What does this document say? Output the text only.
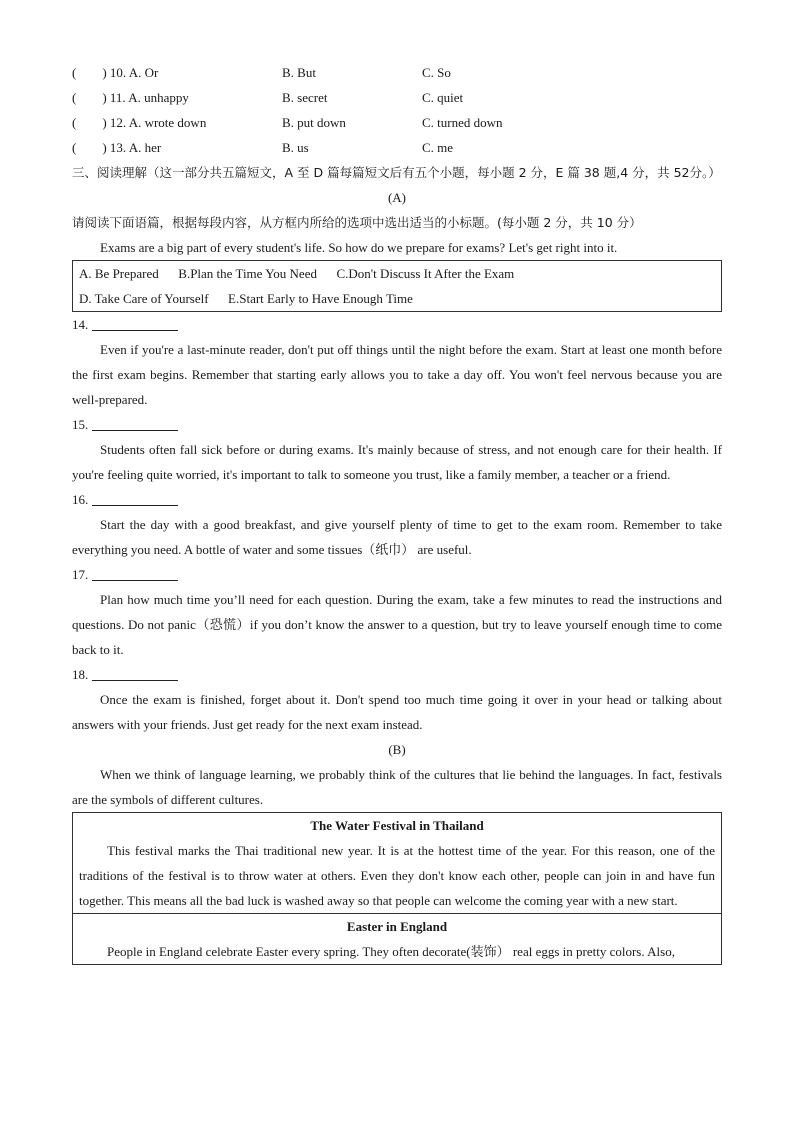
(　　) 10. A. Or	B. But	C. So
(　　) 11. A. unhappy	B. secret	C. quiet
(　　) 12. A. wrote down	B. put down	C. turned down
(　　) 13. A. her	B. us	C. me
三、阅读理解（这一部分共五篇短文，A 至 D 篇每篇短文后有五个小题，每小题 2 分，E 篇 38 题,4 分，共 52分。）
(A)
请阅读下面语篇，根据每段内容，从方框内所给的选项中选出适当的小标题。(每小题 2 分，共 10 分）
Exams are a big part of every student's life. So how do we prepare for exams? Let's get right into it.
A. Be Prepared      B.Plan the Time You Need      C.Don't Discuss It After the Exam
D. Take Care of Yourself      E.Start Early to Have Enough Time
14.
Even if you're a last-minute reader, don't put off things until the night before the exam. Start at least one month before the first exam begins. Remember that starting early allows you to take a day off. You won't feel nervous because you are well-prepared.
15.
Students often fall sick before or during exams. It's mainly because of stress, and not enough care for their health. If you're feeling quite worried, it's important to talk to someone you trust, like a family member, a teacher or a friend.
16.
Start the day with a good breakfast, and give yourself plenty of time to get to the exam room. Remember to take everything you need. A bottle of water and some tissues（纸巾） are useful.
17.
Plan how much time you’ll need for each question. During the exam, take a few minutes to read the instructions and questions. Do not panic（恐慌）if you don’t know the answer to a question, but try to leave yourself enough time to come back to it.
18.
Once the exam is finished, forget about it. Don't spend too much time going it over in your head or talking about answers with your friends. Just get ready for the next exam instead.
(B)
When we think of language learning, we probably think of the cultures that lie behind the languages. In fact, festivals are the symbols of different cultures.
The Water Festival in Thailand
This festival marks the Thai traditional new year. It is at the hottest time of the year. For this reason, one of the traditions of the festival is to throw water at others. Even they don't know each other, people can join in and have fun together. This means all the bad luck is washed away so that people can welcome the coming year with a new start.
Easter in England
People in England celebrate Easter every spring. They often decorate(装饰） real eggs in pretty colors. Also,
